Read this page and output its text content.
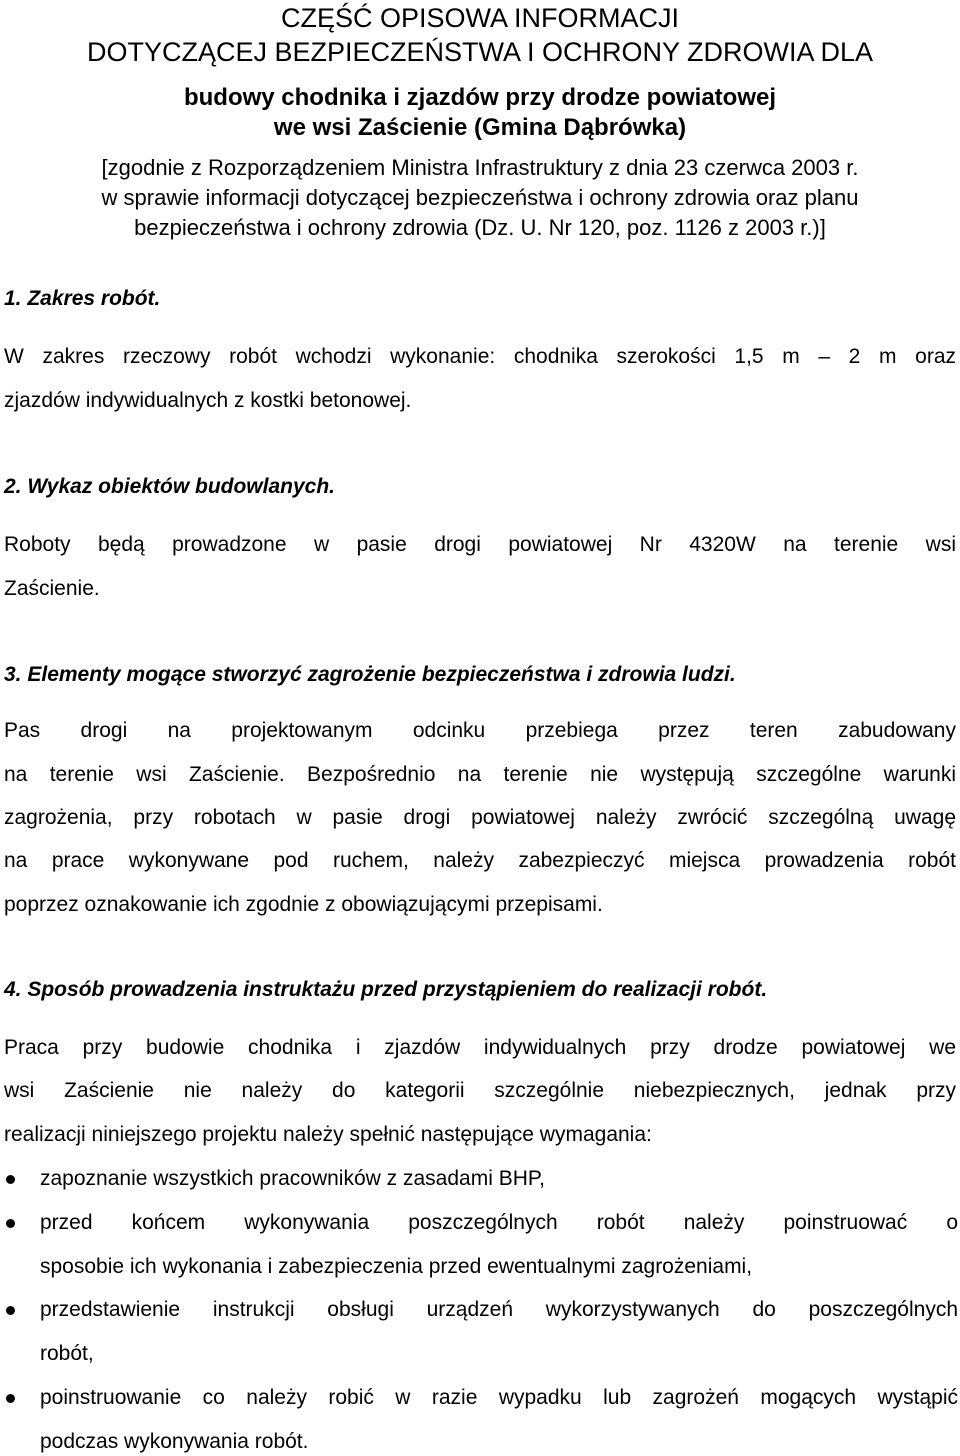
CZĘŚĆ OPISOWA INFORMACJI

DOTYCZĄCEJ BEZPIECZEŃSTWA I OCHRONY ZDROWIA DLA

budowy chodnika i zjazdów przy drodze powiatowej

we wsi Zaścienie (Gmina Dąbrówka)

[zgodnie z Rozporządzeniem Ministra Infrastruktury z dnia 23 czerwca 2003 r.

w sprawie informacji dotyczącej bezpieczeństwa i ochrony zdrowia oraz planu

bezpieczeństwa i ochrony zdrowia (Dz. U. Nr 120, poz. 1126 z 2003 r.)]

1. Zakres robót.

W zakres rzeczowy robót wchodzi wykonanie: chodnika szerokości 1,5 m – 2 m oraz

zjazdów indywidualnych z kostki betonowej.

2. Wykaz obiektów budowlanych.

Roboty będą prowadzone w pasie drogi powiatowej Nr 4320W na terenie wsi

Zaścienie.

3. Elementy mogące stworzyć zagrożenie bezpieczeństwa i zdrowia ludzi.

Pas drogi na projektowanym odcinku przebiega przez teren zabudowany

na terenie wsi Zaścienie. Bezpośrednio na terenie nie występują szczególne warunki

zagrożenia, przy robotach w pasie drogi powiatowej należy zwrócić szczególną uwagę

na prace wykonywane pod ruchem, należy zabezpieczyć miejsca prowadzenia robót

poprzez oznakowanie ich zgodnie z obowiązującymi przepisami.

4. Sposób prowadzenia instruktażu przed przystąpieniem do realizacji robót.

Praca przy budowie chodnika i zjazdów indywidualnych przy drodze powiatowej we

wsi Zaścienie nie należy do kategorii szczególnie niebezpiecznych, jednak przy

realizacji niniejszego projektu należy spełnić następujące wymagania:

zapoznanie wszystkich pracowników z zasadami BHP,

przed końcem wykonywania poszczególnych robót należy poinstruować o

sposobie ich wykonania i zabezpieczenia przed ewentualnymi zagrożeniami,

przedstawienie instrukcji obsługi urządzeń wykorzystywanych do poszczególnych

robót,

poinstruowanie co należy robić w razie wypadku lub zagrożeń mogących wystąpić

podczas wykonywania robót.
